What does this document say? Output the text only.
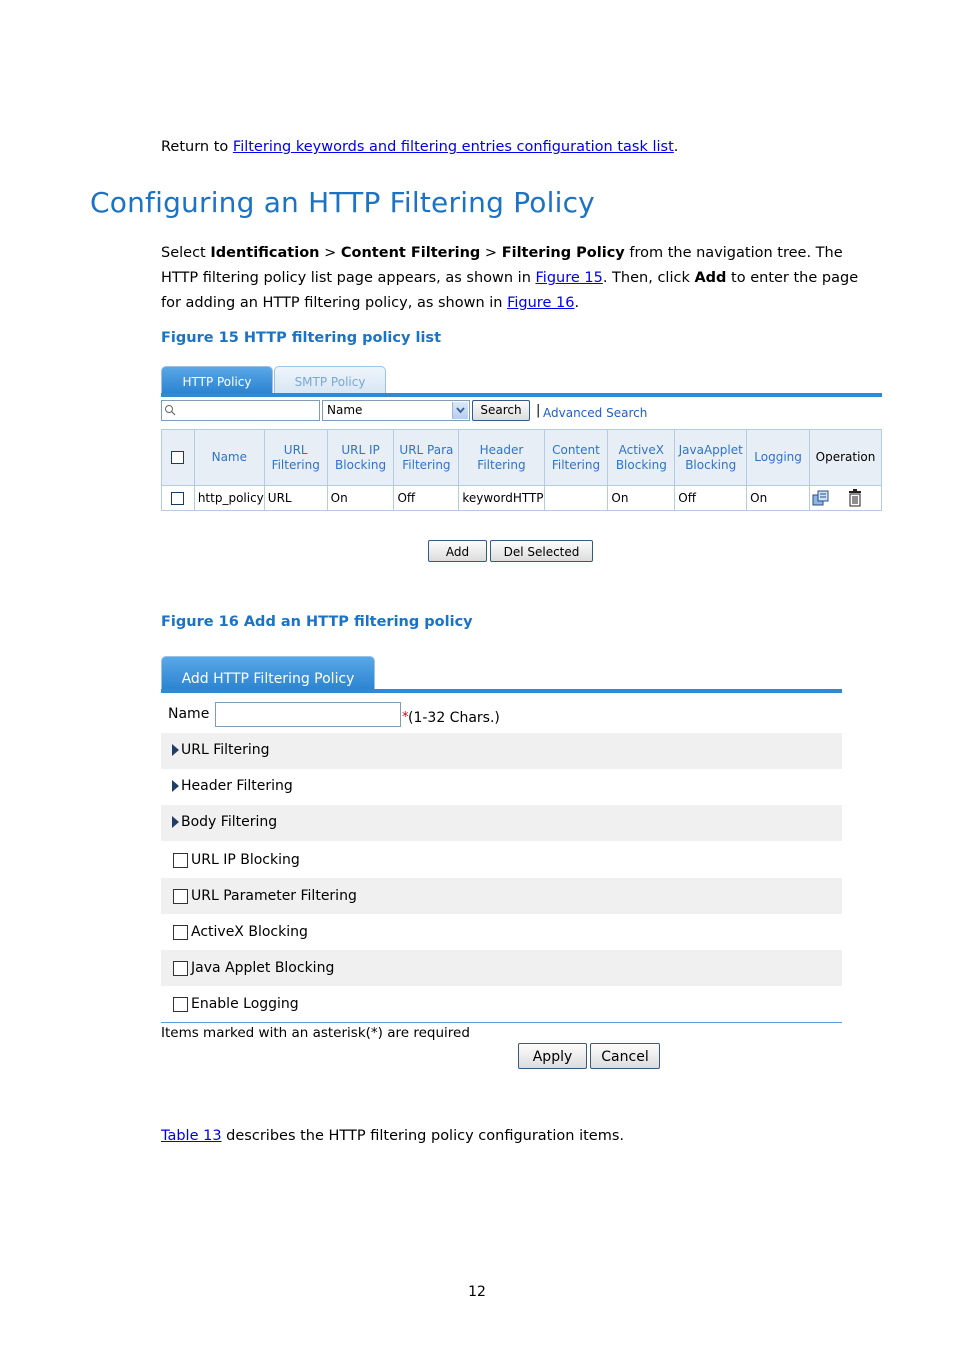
Return to Filtering keywords and filtering entries configuration task list.
Configuring an HTTP Filtering Policy
Select Identification > Content Filtering > Filtering Policy from the navigation tree. The HTTP filtering policy list page appears, as shown in Figure 15. Then, click Add to enter the page for adding an HTTP filtering policy, as shown in Figure 16.
Figure 15 HTTP filtering policy list
HTTP Policy	SMTP Policy
Name	Search	| Advanced Search
	Name	URL Filtering	URL IP Blocking	URL Para Filtering	Header Filtering	Content Filtering	ActiveX Blocking	JavaApplet Blocking	Logging	Operation
	http_policy	URL	On	Off	keywordHTTP		On	Off	On	
Add	Del Selected
Figure 16 Add an HTTP filtering policy
Add HTTP Filtering Policy
Name	* (1-32 Chars.)
URL Filtering
Header Filtering
Body Filtering
URL IP Blocking
URL Parameter Filtering
ActiveX Blocking
Java Applet Blocking
Enable Logging
Items marked with an asterisk(*) are required
Apply	Cancel
Table 13 describes the HTTP filtering policy configuration items.
12
